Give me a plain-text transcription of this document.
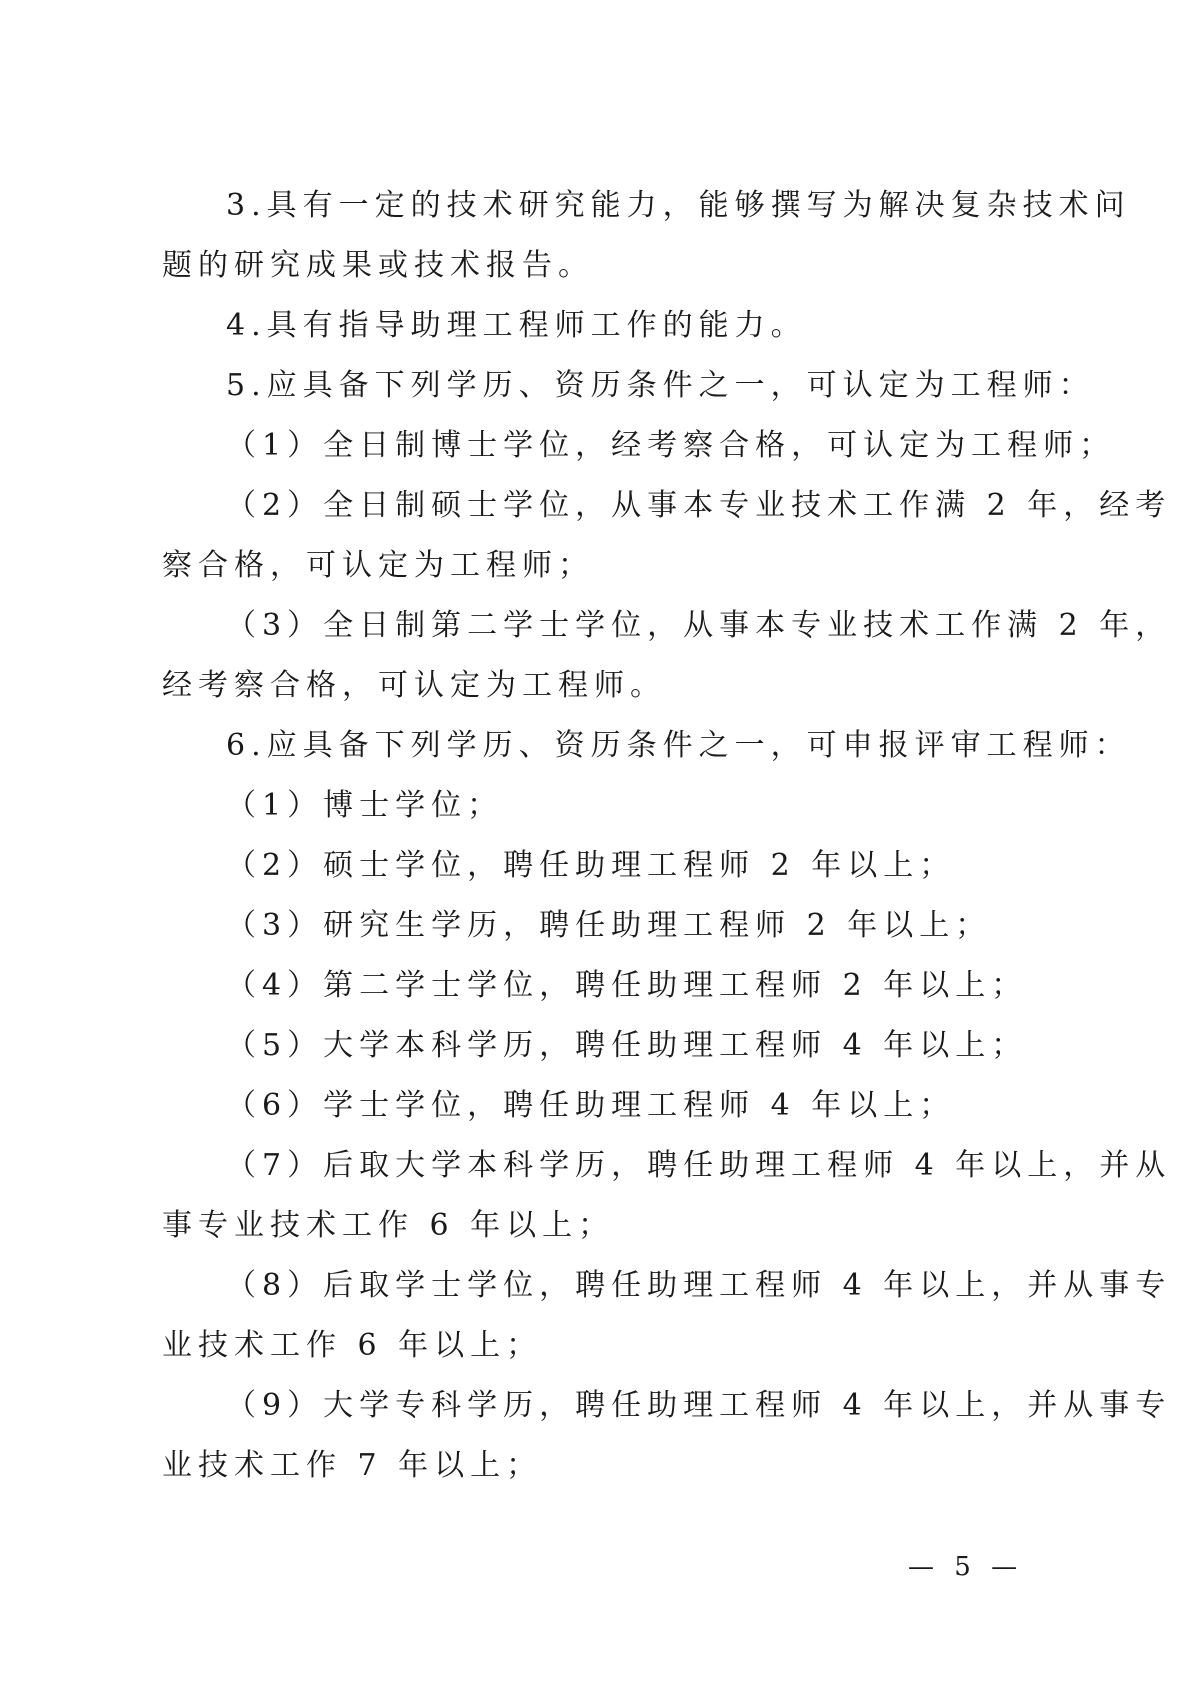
3.具有一定的技术研究能力，能够撰写为解决复杂技术问
题的研究成果或技术报告。
4.具有指导助理工程师工作的能力。
5.应具备下列学历、资历条件之一，可认定为工程师：
（1）全日制博士学位，经考察合格，可认定为工程师；
（2）全日制硕士学位，从事本专业技术工作满 2 年，经考
察合格，可认定为工程师；
（3）全日制第二学士学位，从事本专业技术工作满 2 年，
经考察合格，可认定为工程师。
6.应具备下列学历、资历条件之一，可申报评审工程师：
（1）博士学位；
（2）硕士学位，聘任助理工程师 2 年以上；
（3）研究生学历，聘任助理工程师 2 年以上；
（4）第二学士学位，聘任助理工程师 2 年以上；
（5）大学本科学历，聘任助理工程师 4 年以上；
（6）学士学位，聘任助理工程师 4 年以上；
（7）后取大学本科学历，聘任助理工程师 4 年以上，并从
事专业技术工作 6 年以上；
（8）后取学士学位，聘任助理工程师 4 年以上，并从事专
业技术工作 6 年以上；
（9）大学专科学历，聘任助理工程师 4 年以上，并从事专
业技术工作 7 年以上；
— 5 —
